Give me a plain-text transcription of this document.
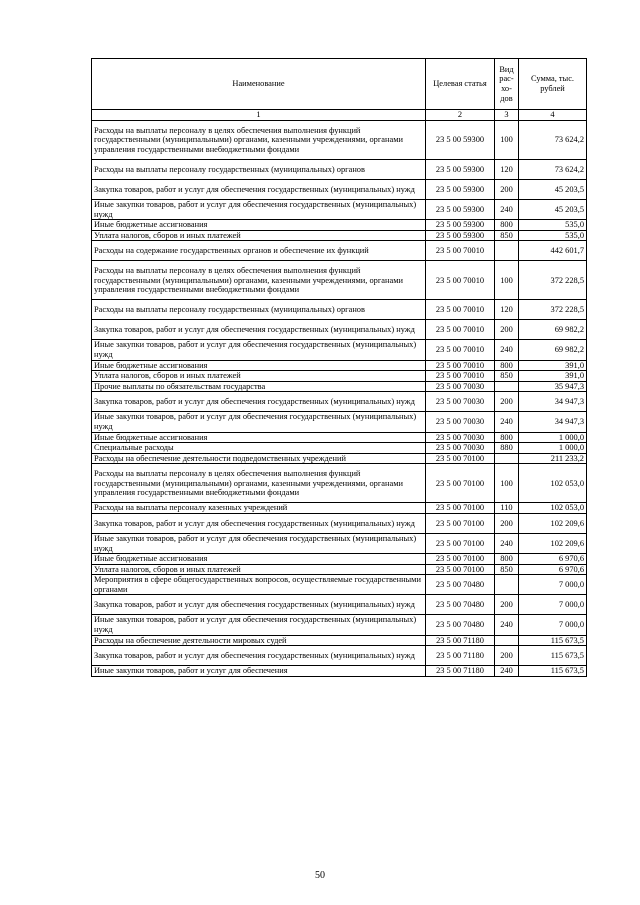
Наименование	Целевая статья	Вид рас-хо-дов	Сумма, тыс. рублей
1	2	3	4
Расходы на выплаты персоналу в целях обеспечения выполнения функций государственными (муниципальными) органами, казенными учреждениями, органами управления государственными внебюджетными фондами	23 5 00 59300	100	73 624,2
Расходы на выплаты персоналу государственных (муниципальных) органов	23 5 00 59300	120	73 624,2
Закупка товаров, работ и услуг для обеспечения государственных (муниципальных) нужд	23 5 00 59300	200	45 203,5
Иные закупки товаров, работ и услуг для обеспечения государственных (муниципальных) нужд	23 5 00 59300	240	45 203,5
Иные бюджетные ассигнования	23 5 00 59300	800	535,0
Уплата налогов, сборов и иных платежей	23 5 00 59300	850	535,0
Расходы на содержание государственных органов и обеспечение их функций	23 5 00 70010		442 601,7
Расходы на выплаты персоналу в целях обеспечения выполнения функций государственными (муниципальными) органами, казенными учреждениями, органами управления государственными внебюджетными фондами	23 5 00 70010	100	372 228,5
Расходы на выплаты персоналу государственных (муниципальных) органов	23 5 00 70010	120	372 228,5
Закупка товаров, работ и услуг для обеспечения государственных (муниципальных) нужд	23 5 00 70010	200	69 982,2
Иные закупки товаров, работ и услуг для обеспечения государственных (муниципальных) нужд	23 5 00 70010	240	69 982,2
Иные бюджетные ассигнования	23 5 00 70010	800	391,0
Уплата налогов, сборов и иных платежей	23 5 00 70010	850	391,0
Прочие выплаты по обязательствам государства	23 5 00 70030		35 947,3
Закупка товаров, работ и услуг для обеспечения государственных (муниципальных) нужд	23 5 00 70030	200	34 947,3
Иные закупки товаров, работ и услуг для обеспечения государственных (муниципальных) нужд	23 5 00 70030	240	34 947,3
Иные бюджетные ассигнования	23 5 00 70030	800	1 000,0
Специальные расходы	23 5 00 70030	880	1 000,0
Расходы на обеспечение деятельности подведомственных учреждений	23 5 00 70100		211 233,2
Расходы на выплаты персоналу в целях обеспечения выполнения функций государственными (муниципальными) органами, казенными учреждениями, органами управления государственными внебюджетными фондами	23 5 00 70100	100	102 053,0
Расходы на выплаты персоналу казенных учреждений	23 5 00 70100	110	102 053,0
Закупка товаров, работ и услуг для обеспечения государственных (муниципальных) нужд	23 5 00 70100	200	102 209,6
Иные закупки товаров, работ и услуг для обеспечения государственных (муниципальных) нужд	23 5 00 70100	240	102 209,6
Иные бюджетные ассигнования	23 5 00 70100	800	6 970,6
Уплата налогов, сборов и иных платежей	23 5 00 70100	850	6 970,6
Мероприятия в сфере общегосударственных вопросов, осуществляемые государственными органами	23 5 00 70480		7 000,0
Закупка товаров, работ и услуг для обеспечения государственных (муниципальных) нужд	23 5 00 70480	200	7 000,0
Иные закупки товаров, работ и услуг для обеспечения государственных (муниципальных) нужд	23 5 00 70480	240	7 000,0
Расходы на обеспечение деятельности мировых судей	23 5 00 71180		115 673,5
Закупка товаров, работ и услуг для обеспечения государственных (муниципальных) нужд	23 5 00 71180	200	115 673,5
Иные закупки товаров, работ и услуг для обеспечения	23 5 00 71180	240	115 673,5
50
